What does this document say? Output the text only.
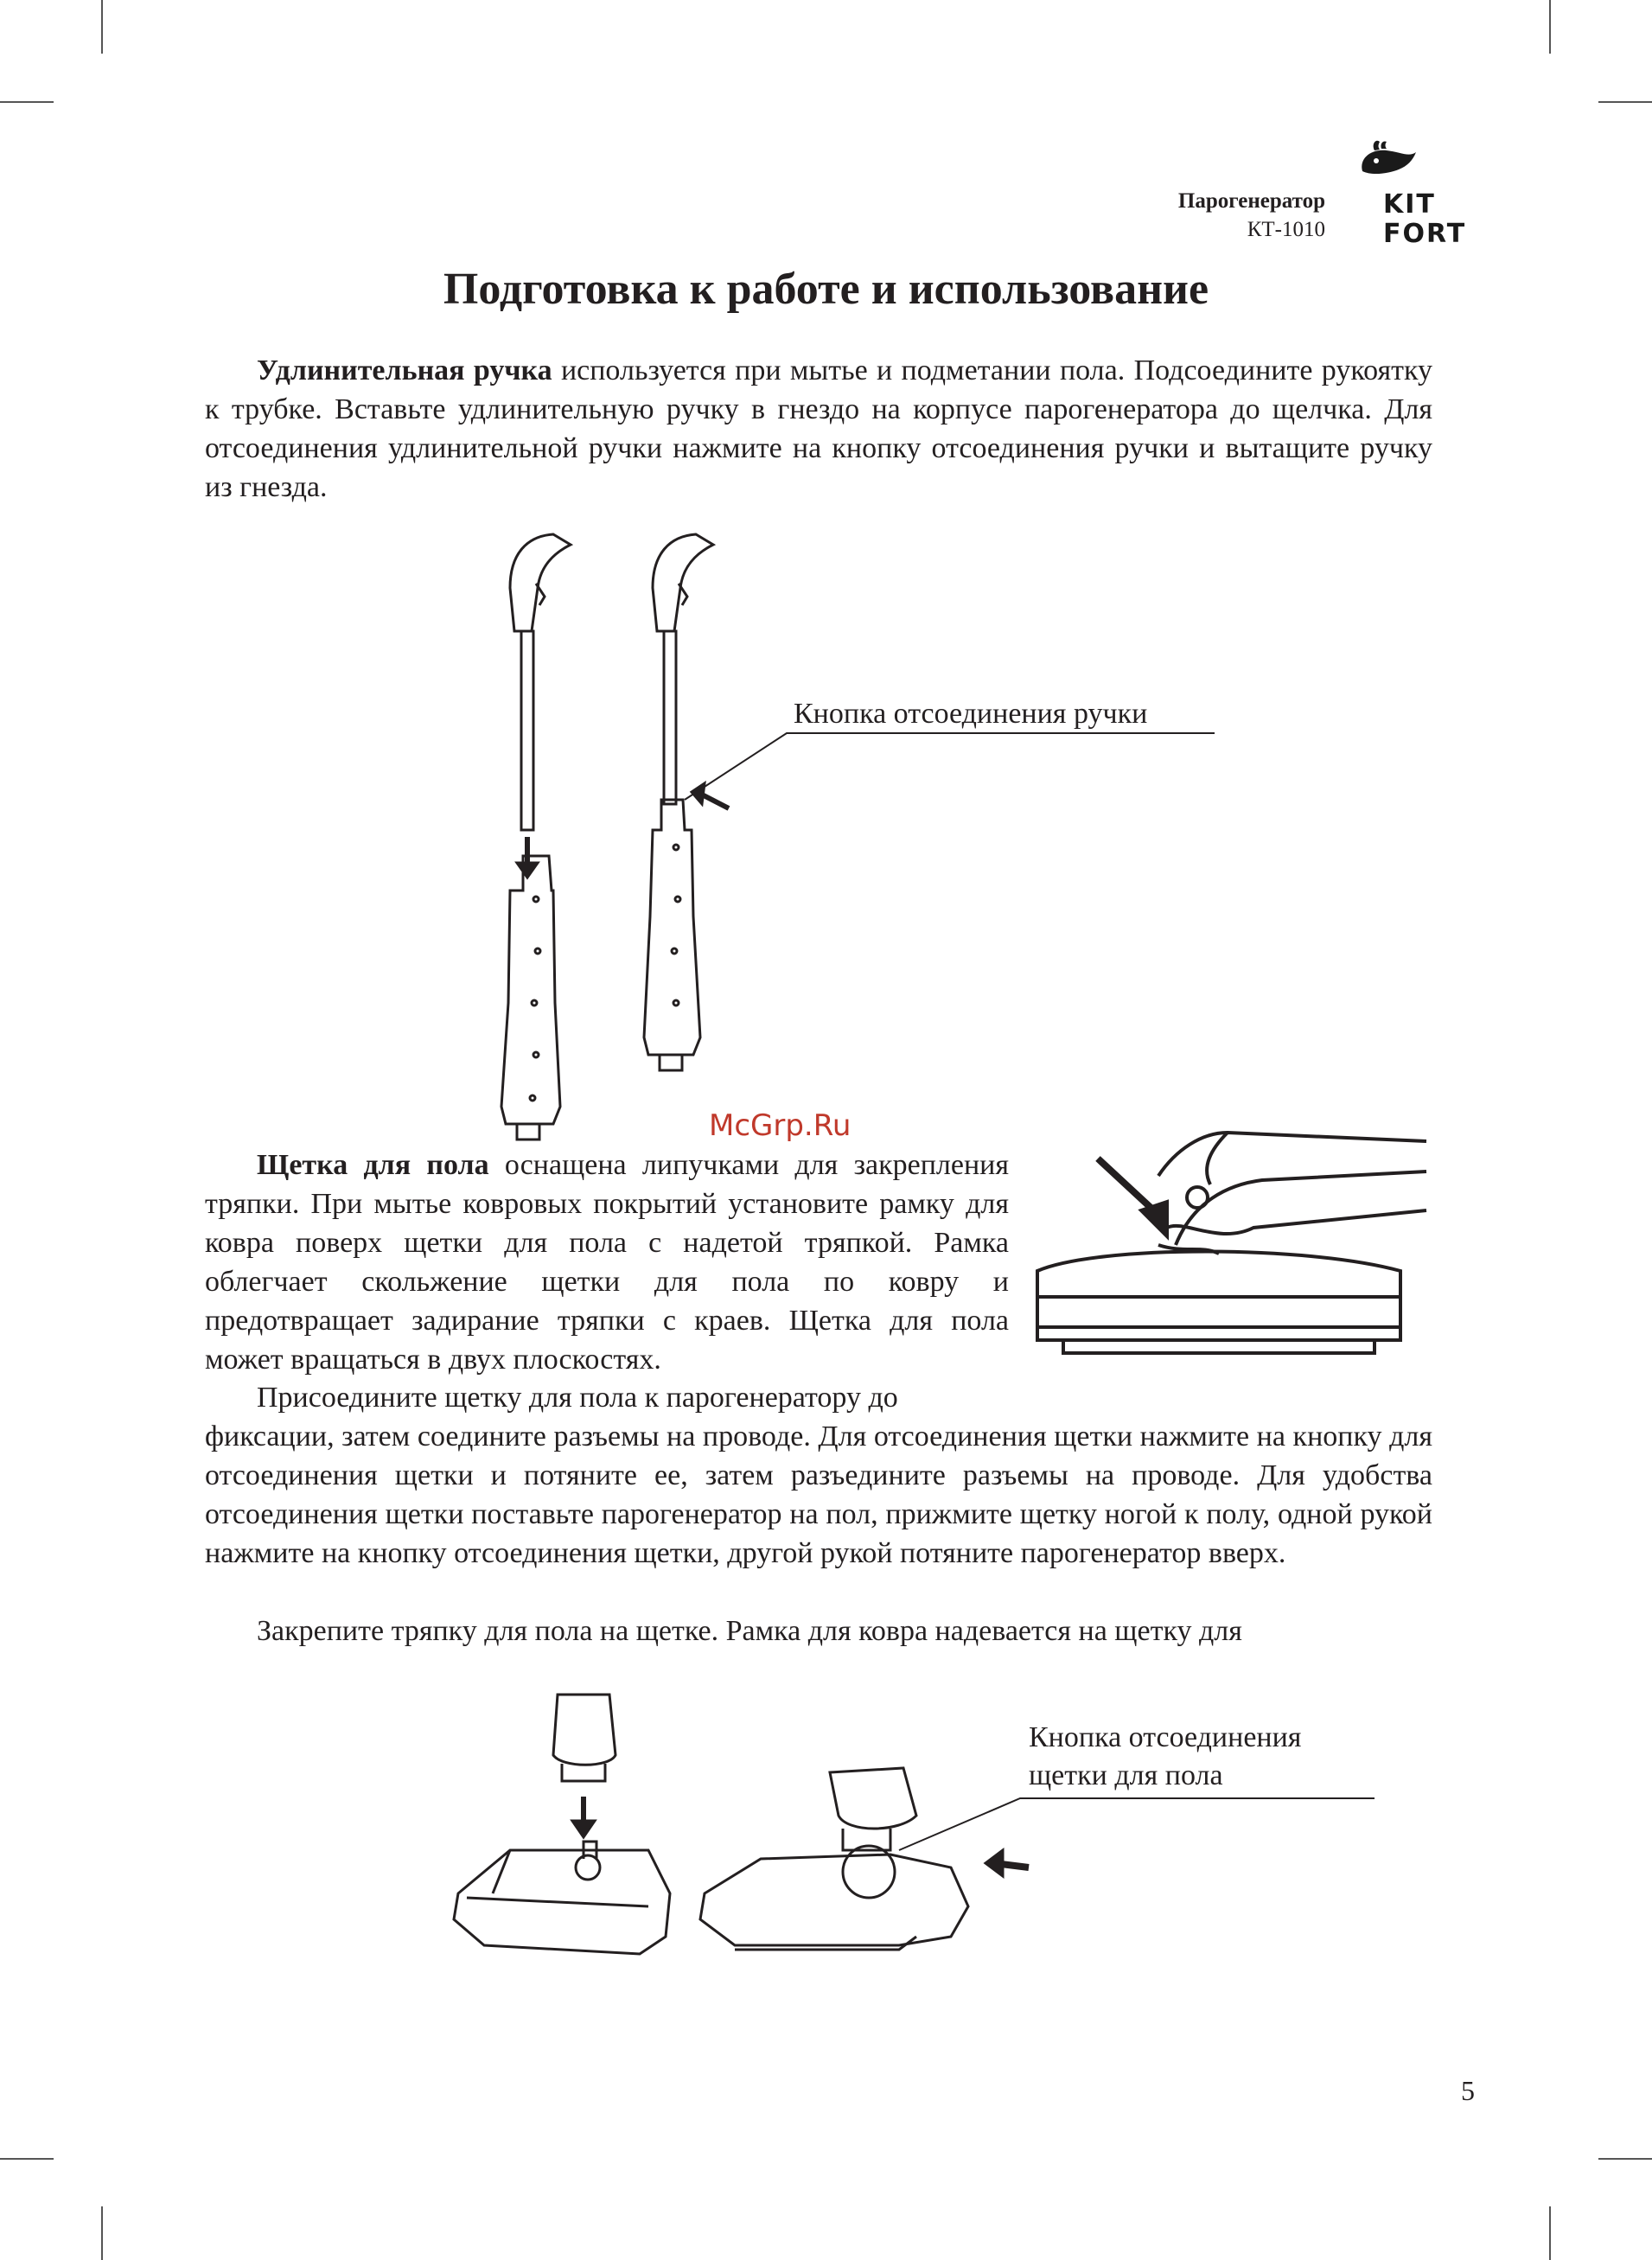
Парогенератор
КТ-1010
KIT
FORT
Подготовка к работе и использование

Удлинительная ручка используется при мытье и подметании пола. Подсоедините рукоятку к трубке. Вставьте удлинительную ручку в гнездо на корпусе парогенератора до щелчка. Для отсоединения удлинительной ручки нажмите на кнопку отсоединения ручки и вытащите ручку из гнезда.

Кнопка отсоединения ручки
McGrp.Ru

Щетка для пола оснащена липучками для закрепления тряпки. При мытье ковровых покрытий установите рамку для ковра поверх щетки для пола с надетой тряпкой. Рамка облегчает скольжение щетки для пола по ковру и предотвращает задирание тряпки с краев. Щетка для пола может вращаться в двух плоскостях.

Присоедините щетку для пола к парогенератору до

фиксации, затем соедините разъемы на проводе. Для отсоединения щетки нажмите на кнопку для отсоединения щетки и потяните ее, затем разъедините разъемы на проводе. Для удобства отсоединения щетки поставьте парогенератор на пол, прижмите щетку ногой к полу, одной рукой нажмите на кнопку отсоединения щетки, другой рукой потяните парогенератор вверх.

Закрепите тряпку для пола на щетке. Рамка для ковра надевается на щетку для

Кнопка отсоединения
щетки для пола
5
